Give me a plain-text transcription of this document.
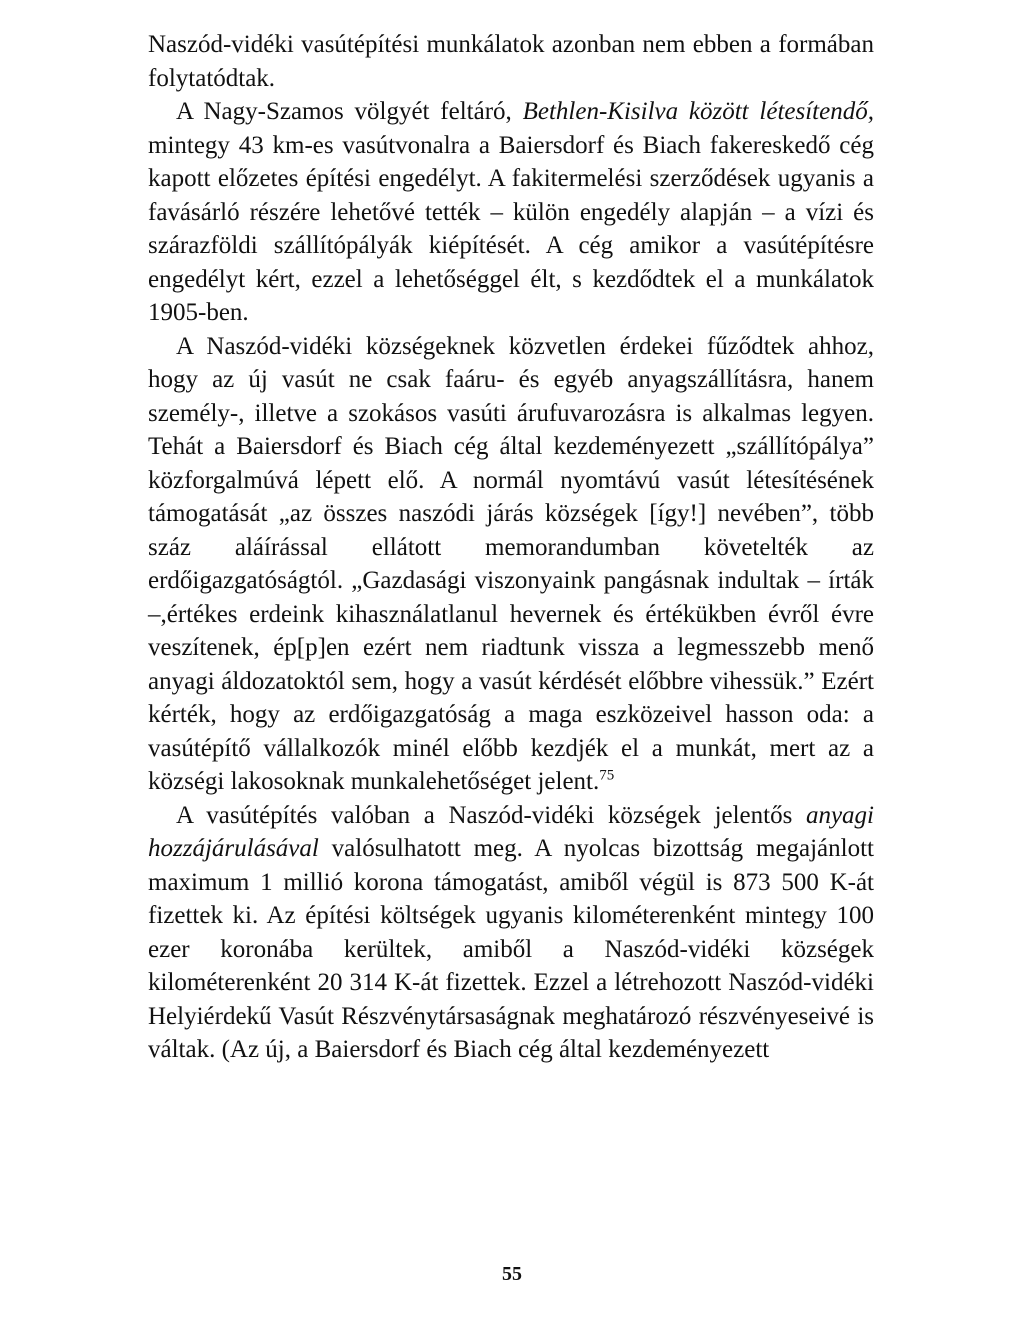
Naszód-vidéki vasútépítési munkálatok azonban nem ebben a formában folytatódtak.

A Nagy-Szamos völgyét feltáró, Bethlen-Kisilva között létesítendő, mintegy 43 km-es vasútvonalra a Baiersdorf és Biach fakereskedő cég kapott előzetes építési engedélyt. A fakitermelési szerződések ugyanis a favásárló részére lehetővé tették – külön engedély alapján – a vízi és szárazföldi szállítópályák kiépítését. A cég amikor a vasútépítésre engedélyt kért, ezzel a lehetőséggel élt, s kezdődtek el a munkálatok 1905-ben.

A Naszód-vidéki községeknek közvetlen érdekei fűződtek ahhoz, hogy az új vasút ne csak faáru- és egyéb anyagszállításra, hanem személy-, illetve a szokásos vasúti árufuvarozásra is alkalmas legyen. Tehát a Baiersdorf és Biach cég által kezdeményezett „szállítópálya” közforgalmúvá lépett elő. A normál nyomtávú vasút létesítésének támogatását „az összes naszódi járás községek [így!] nevében”, több száz aláírással ellátott memorandumban követelték az erdőigazgatóságtól. „Gazdasági viszonyaink pangásnak indultak – írták –,értékes erdeink kihasználatlanul hevernek és értékükben évről évre veszítenek, ép[p]en ezért nem riadtunk vissza a legmesszebb menő anyagi áldozatoktól sem, hogy a vasút kérdését előbbre vihessük.” Ezért kérték, hogy az erdőigazgatóság a maga eszközeivel hasson oda: a vasútépítő vállalkozók minél előbb kezdjék el a munkát, mert az a községi lakosoknak munkalehetőséget jelent.$^{75}$

A vasútépítés valóban a Naszód-vidéki községek jelentős anyagi hozzájárulásával valósulhatott meg. A nyolcas bizottság megajánlott maximum 1 millió korona támogatást, amiből végül is 873 500 K-át fizettek ki. Az építési költségek ugyanis kilométerenként mintegy 100 ezer koronába kerültek, amiből a Naszód-vidéki községek kilométerenként 20 314 K-át fizettek. Ezzel a létrehozott Naszód-vidéki Helyiérdekű Vasút Részvénytársaságnak meghatározó részvényeseivé is váltak. (Az új, a Baiersdorf és Biach cég által kezdeményezett

55
